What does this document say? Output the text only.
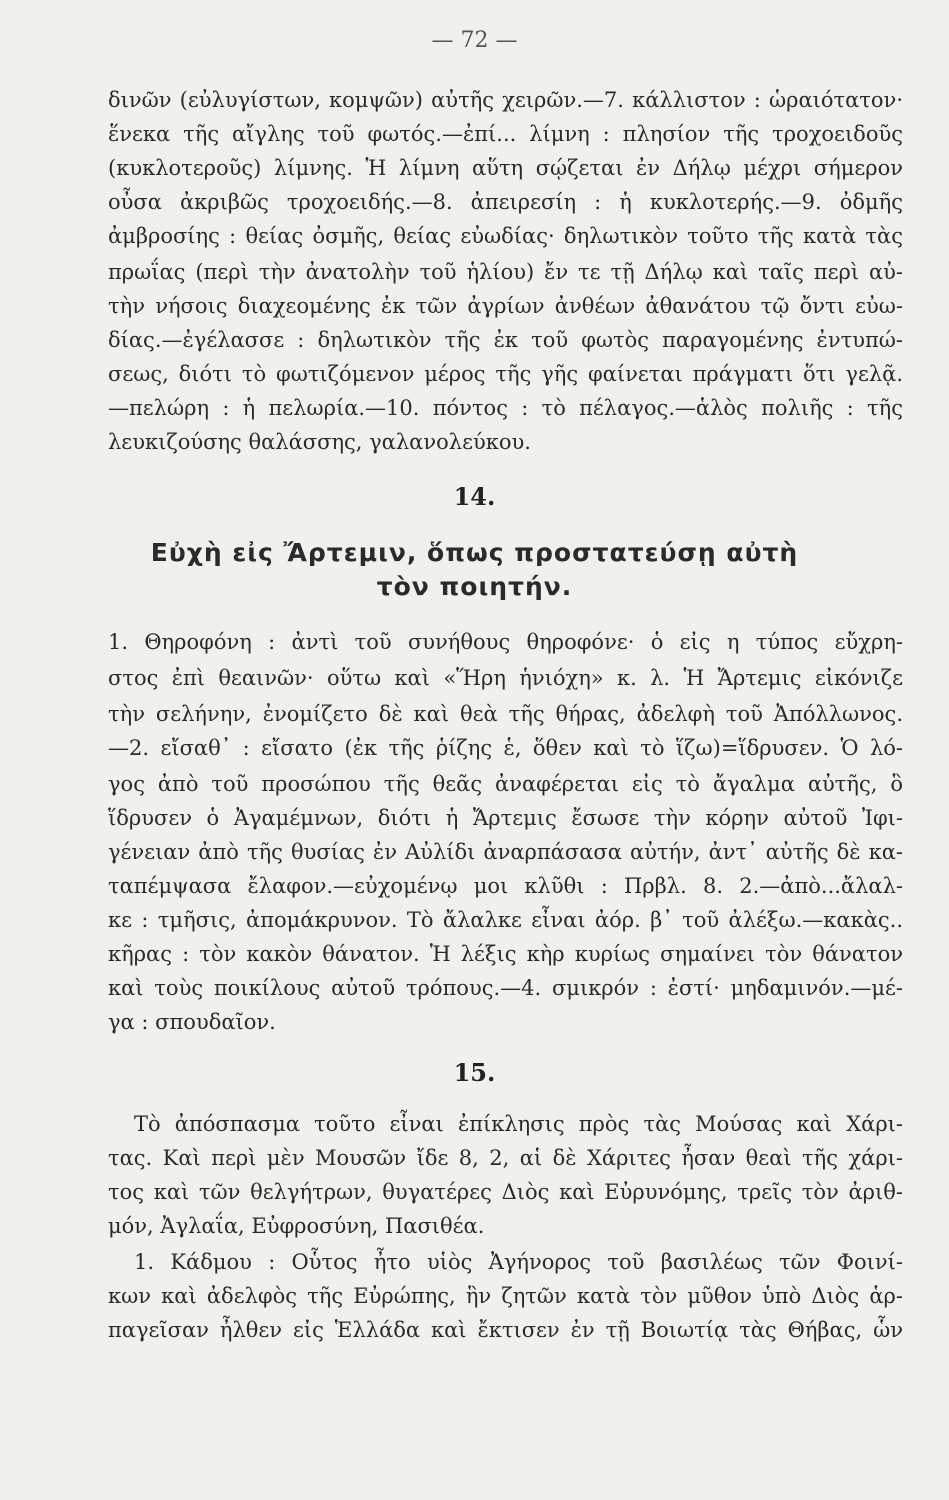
— 72 —
δινῶν (εὐλυγίστων, κομψῶν) αὐτῆς χειρῶν.—7. κάλλιστον : ὡραιότατον·
ἕνεκα τῆς αἴγλης τοῦ φωτός.—ἐπί... λίμνη : πλησίον τῆς τροχοειδοῦς
(κυκλοτεροῦς) λίμνης. Ἡ λίμνη αὕτη σῴζεται ἐν Δήλῳ μέχρι σήμερον
οὖσα ἀκριβῶς τροχοειδής.—8. ἀπειρεσίη : ἡ κυκλοτερής.—9. ὀδμῆς
ἀμβροσίης : θείας ὀσμῆς, θείας εὐωδίας· δηλωτικὸν τοῦτο τῆς κατὰ τὰς
πρωΐας (περὶ τὴν ἀνατολὴν τοῦ ἡλίου) ἔν τε τῇ Δήλῳ καὶ ταῖς περὶ αὐ-
τὴν νήσοις διαχεομένης ἐκ τῶν ἀγρίων ἀνθέων ἀθανάτου τῷ ὄντι εὐω-
δίας.—ἐγέλασσε : δηλωτικὸν τῆς ἐκ τοῦ φωτὸς παραγομένης ἐντυπώ-
σεως, διότι τὸ φωτιζόμενον μέρος τῆς γῆς φαίνεται πράγματι ὅτι γελᾷ.
—πελώρη : ἡ πελωρία.—10. πόντος : τὸ πέλαγος.—ἁλὸς πολιῆς : τῆς
λευκιζούσης θαλάσσης, γαλανολεύκου.
14.
Εὐχὴ εἰς Ἄρτεμιν, ὅπως προστατεύσῃ αὐτὴ
τὸν ποιητήν.
1. Θηροφόνη : ἀντὶ τοῦ συνήθους θηροφόνε· ὁ εἰς η τύπος εὔχρη-
στος ἐπὶ θεαινῶν· οὕτω καὶ «Ἥρη ἡνιόχη» κ. λ. Ἡ Ἄρτεμις εἰκόνιζε
τὴν σελήνην, ἐνομίζετο δὲ καὶ θεὰ τῆς θήρας, ἀδελφὴ τοῦ Ἀπόλλωνος.
—2. εἴσαθ᾽ : εἴσατο (ἐκ τῆς ῥίζης ἑ, ὅθεν καὶ τὸ ἵζω)=ἵδρυσεν. Ὁ λό-
γος ἀπὸ τοῦ προσώπου τῆς θεᾶς ἀναφέρεται εἰς τὸ ἄγαλμα αὐτῆς, ὃ
ἵδρυσεν ὁ Ἀγαμέμνων, διότι ἡ Ἄρτεμις ἔσωσε τὴν κόρην αὐτοῦ Ἰφι-
γένειαν ἀπὸ τῆς θυσίας ἐν Αὐλίδι ἀναρπάσασα αὐτήν, ἀντ᾽ αὐτῆς δὲ κα-
ταπέμψασα ἔλαφον.—εὐχομένῳ μοι κλῦθι : Πρβλ. 8. 2.—ἀπὸ...ἄλαλ-
κε : τμῆσις, ἀπομάκρυνον. Τὸ ἄλαλκε εἶναι ἀόρ. β᾽ τοῦ ἀλέξω.—κακὰς..
κῆρας : τὸν κακὸν θάνατον. Ἡ λέξις κὴρ κυρίως σημαίνει τὸν θάνατον
καὶ τοὺς ποικίλους αὐτοῦ τρόπους.—4. σμικρόν : ἐστί· μηδαμινόν.—μέ-
γα : σπουδαῖον.
15.
Τὸ ἀπόσπασμα τοῦτο εἶναι ἐπίκλησις πρὸς τὰς Μούσας καὶ Χάρι-
τας. Καὶ περὶ μὲν Μουσῶν ἴδε 8, 2, αἱ δὲ Χάριτες ἦσαν θεαὶ τῆς χάρι-
τος καὶ τῶν θελγήτρων, θυγατέρες Διὸς καὶ Εὐρυνόμης, τρεῖς τὸν ἀριθ-
μόν, Ἀγλαΐα, Εὐφροσύνη, Πασιθέα.
1. Κάδμου : Οὗτος ἦτο υἱὸς Ἀγήνορος τοῦ βασιλέως τῶν Φοινί-
κων καὶ ἀδελφὸς τῆς Εὐρώπης, ἣν ζητῶν κατὰ τὸν μῦθον ὑπὸ Διὸς ἁρ-
παγεῖσαν ἦλθεν εἰς Ἑλλάδα καὶ ἔκτισεν ἐν τῇ Βοιωτίᾳ τὰς Θήβας, ὧν
